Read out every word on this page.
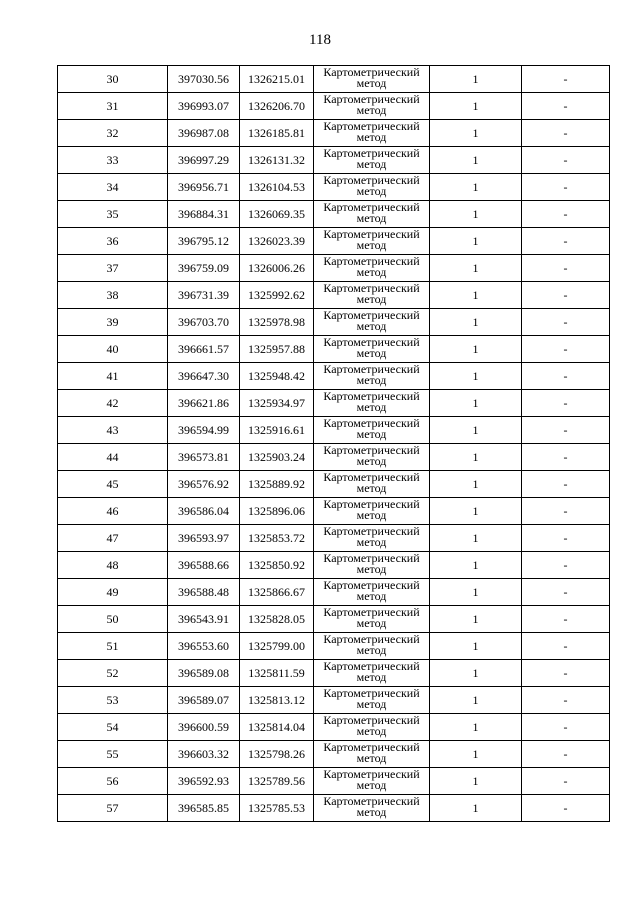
118
30	397030.56	1326215.01	Картометрический метод	1	-
31	396993.07	1326206.70	Картометрический метод	1	-
32	396987.08	1326185.81	Картометрический метод	1	-
33	396997.29	1326131.32	Картометрический метод	1	-
34	396956.71	1326104.53	Картометрический метод	1	-
35	396884.31	1326069.35	Картометрический метод	1	-
36	396795.12	1326023.39	Картометрический метод	1	-
37	396759.09	1326006.26	Картометрический метод	1	-
38	396731.39	1325992.62	Картометрический метод	1	-
39	396703.70	1325978.98	Картометрический метод	1	-
40	396661.57	1325957.88	Картометрический метод	1	-
41	396647.30	1325948.42	Картометрический метод	1	-
42	396621.86	1325934.97	Картометрический метод	1	-
43	396594.99	1325916.61	Картометрический метод	1	-
44	396573.81	1325903.24	Картометрический метод	1	-
45	396576.92	1325889.92	Картометрический метод	1	-
46	396586.04	1325896.06	Картометрический метод	1	-
47	396593.97	1325853.72	Картометрический метод	1	-
48	396588.66	1325850.92	Картометрический метод	1	-
49	396588.48	1325866.67	Картометрический метод	1	-
50	396543.91	1325828.05	Картометрический метод	1	-
51	396553.60	1325799.00	Картометрический метод	1	-
52	396589.08	1325811.59	Картометрический метод	1	-
53	396589.07	1325813.12	Картометрический метод	1	-
54	396600.59	1325814.04	Картометрический метод	1	-
55	396603.32	1325798.26	Картометрический метод	1	-
56	396592.93	1325789.56	Картометрический метод	1	-
57	396585.85	1325785.53	Картометрический метод	1	-
